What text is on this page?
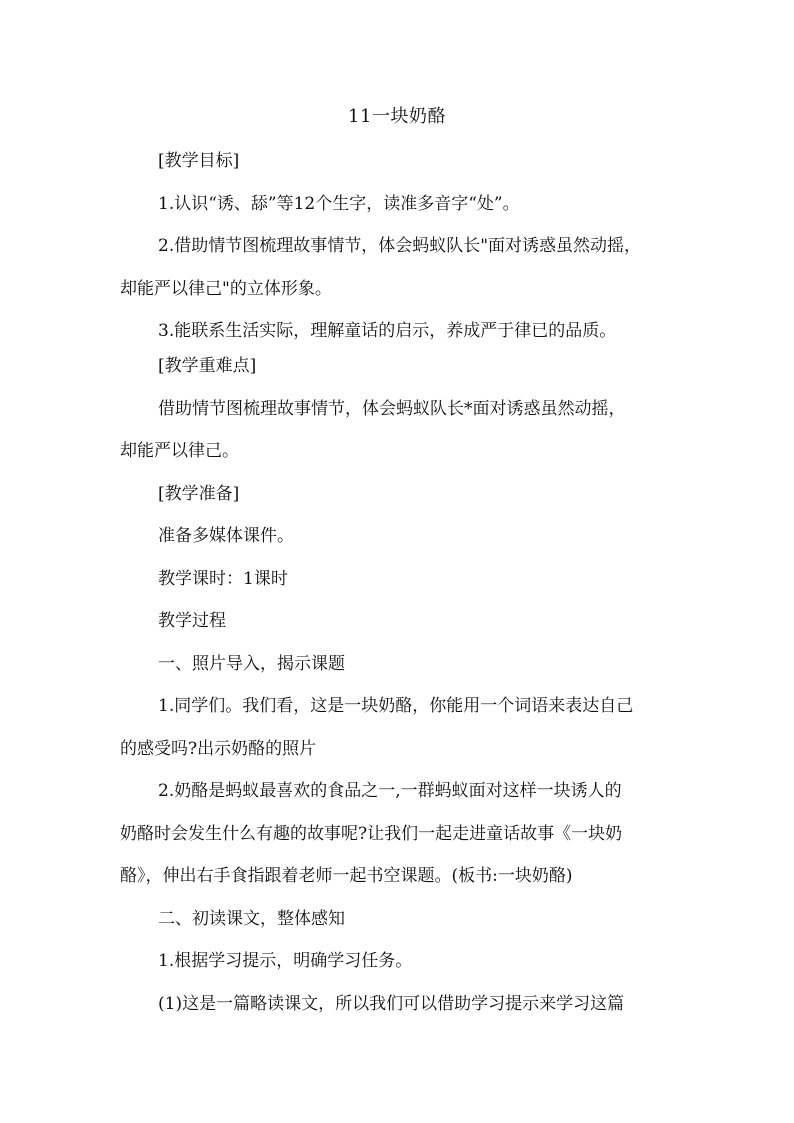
11一块奶酪
[教学目标]
1.认识“诱、舔”等12个生字，读准多音字“处”。
2.借助情节图梳理故事情节，体会蚂蚁队长"面对诱惑虽然动摇，
却能严以律己"的立体形象。
3.能联系生活实际，理解童话的启示，养成严于律已的品质。
[教学重难点]
借助情节图梳理故事情节，体会蚂蚁队长*面对诱惑虽然动摇，
却能严以律己。
[教学准备]
准备多媒体课件。
教学课时：1课时
教学过程
一、照片导入，揭示课题
1.同学们。我们看，这是一块奶酪，你能用一个词语来表达自己
的感受吗?出示奶酪的照片
2.奶酪是蚂蚁最喜欢的食品之一,一群蚂蚁面对这样一块诱人的
奶酪时会发生什么有趣的故事呢?让我们一起走进童话故事《一块奶
酪》，伸出右手食指跟着老师一起书空课题。(板书:一块奶酪)
二、初读课文，整体感知
1.根据学习提示，明确学习任务。
(1)这是一篇略读课文，所以我们可以借助学习提示来学习这篇
